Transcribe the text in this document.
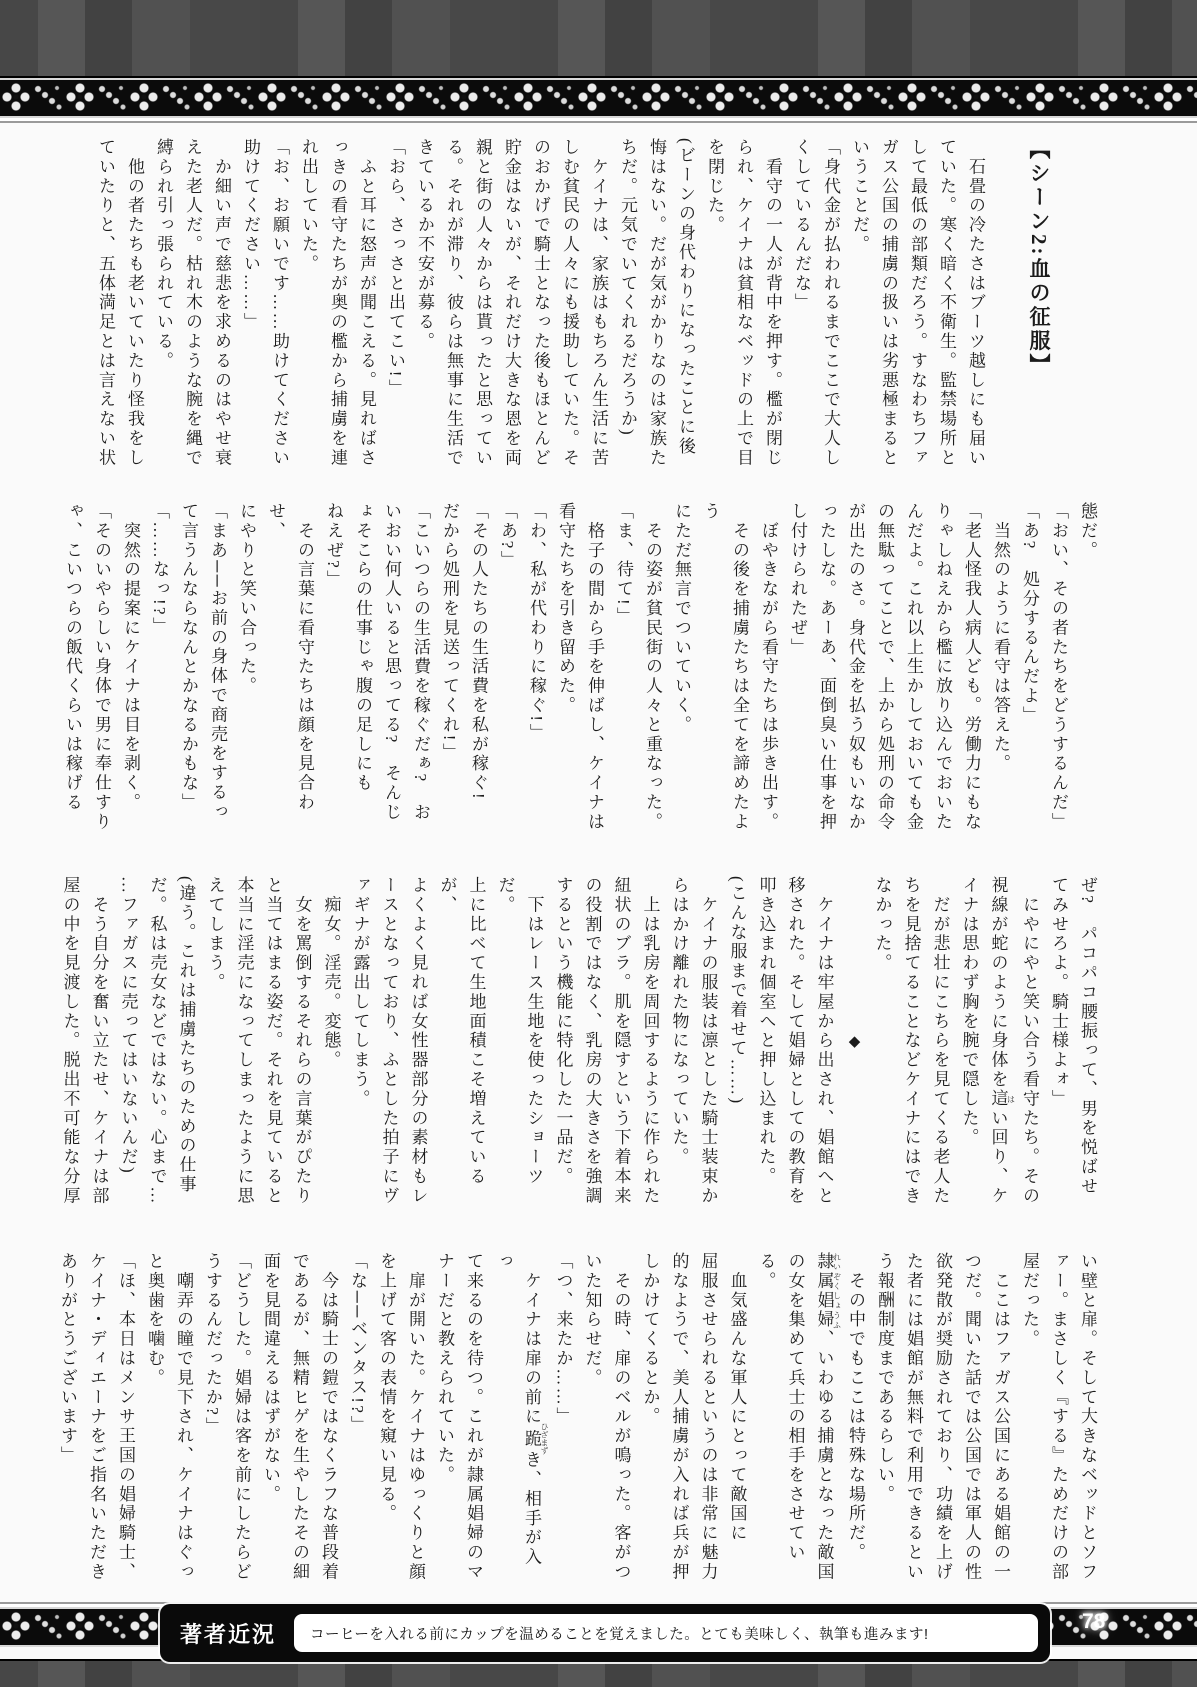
【シーン2:血の征服】
　石畳の冷たさはブーツ越しにも届い
ていた。寒く暗く不衛生。監禁場所と
して最低の部類だろう。すなわちファ
ガス公国の捕虜の扱いは劣悪極まると
いうことだ。
「身代金が払われるまでここで大人し
くしているんだな」
　看守の一人が背中を押す。檻が閉じ
られ、ケイナは貧相なベッドの上で目
を閉じた。
(ビーンの身代わりになったことに後
悔はない。だが気がかりなのは家族た
ちだ。元気でいてくれるだろうか)
　ケイナは、家族はもちろん生活に苦
しむ貧民の人々にも援助していた。そ
のおかげで騎士となった後もほとんど
貯金はないが、それだけ大きな恩を両
親と街の人々からは貰ったと思ってい
る。それが滞り、彼らは無事に生活で
きているか不安が募る。
「おら、さっさと出てこい!」
　ふと耳に怒声が聞こえる。見ればさ
っきの看守たちが奥の檻から捕虜を連
れ出していた。
「お、お願いです……助けてください
助けてください……」
　か細い声で慈悲を求めるのはやせ衰
えた老人だ。枯れ木のような腕を縄で
縛られ引っ張られている。
　他の者たちも老いていたり怪我をし
ていたりと、五体満足とは言えない状
態だ。
「おい、その者たちをどうするんだ」
「あ?　処分するんだよ」
　当然のように看守は答えた。
「老人怪我人病人ども。労働力にもな
りゃしねえから檻に放り込んでおいた
んだよ。これ以上生かしておいても金
の無駄ってことで、上から処刑の命令
が出たのさ。身代金を払う奴もいなか
ったしな。あーあ、面倒臭い仕事を押
し付けられたぜ」
　ぼやきながら看守たちは歩き出す。
　その後を捕虜たちは全てを諦めたよう
にただ無言でついていく。
　その姿が貧民街の人々と重なった。
「ま、待て!」
　格子の間から手を伸ばし、ケイナは
看守たちを引き留めた。
「わ、私が代わりに稼ぐ!」
「あ?」
「その人たちの生活費を私が稼ぐ!
だから処刑を見送ってくれ!」
「こいつらの生活費を稼ぐだぁ?　お
いおい何人いると思ってる?　そんじ
ょそこらの仕事じゃ腹の足しにも
ねえぜ?」
　その言葉に看守たちは顔を見合わせ、
にやりと笑い合った。
「まあ──お前の身体で商売をするっ
て言うんならなんとかなるかもな」
「……なっ!?」
　突然の提案にケイナは目を剥く。
「そのいやらしい身体で男に奉仕すり
ゃ、こいつらの飯代くらいは稼げる
ぜ?　パコパコ腰振って、男を悦ばせ
てみせろよ。騎士様よォ」
　にやにやと笑い合う看守たち。その
視線が蛇のように身体を這 はい回り、ケ
イナは思わず胸を腕で隠した。
　だが悲壮にこちらを見てくる老人た
ちを見捨てることなどケイナにはでき
なかった。
◆
　ケイナは牢屋から出され、娼館へと
移された。そして娼婦としての教育を
叩き込まれ個室へと押し込まれた。
(こんな服まで着せて……)
　ケイナの服装は凛とした騎士装束か
らはかけ離れた物になっていた。
　上は乳房を周回するように作られた
紐状のブラ。肌を隠すという下着本来
の役割ではなく、乳房の大きさを強調
するという機能に特化した一品だ。
　下はレース生地を使ったショーツだ。
上に比べて生地面積こそ増えているが、
よくよく見れば女性器部分の素材もレ
ースとなっており、ふとした拍子にヴ
ァギナが露出してしまう。
　痴女。淫売。変態。
　女を罵倒するそれらの言葉がぴたり
と当てはまる姿だ。それを見ていると
本当に淫売になってしまったように思
えてしまう。
(違う。これは捕虜たちのための仕事
だ。私は売女などではない。心まで…
…ファガスに売ってはいないんだ)
　そう自分を奮い立たせ、ケイナは部
屋の中を見渡した。脱出不可能な分厚
い壁と扉。そして大きなベッドとソフ
ァー。まさしく『する』ためだけの部
屋だった。
　ここはファガス公国にある娼館の一
つだ。聞いた話では公国では軍人の性
欲発散が奨励されており、功績を上げ
た者には娼館が無料で利用できるとい
う報酬制度まであるらしい。
　その中でもここは特殊な場所だ。
隷属娼婦 れいぞくしょうふ、いわゆる捕虜となった敵国
の女を集めて兵士の相手をさせている。
　血気盛んな軍人にとって敵国に
屈服させられるというのは非常に魅力
的なようで、美人捕虜が入れば兵が押
しかけてくるとか。
　その時、扉のベルが鳴った。客がつ
いた知らせだ。
「つ、来たか……」
　ケイナは扉の前に跪 ひざまずき、相手が入っ
て来るのを待つ。これが隷属娼婦のマ
ナーだと教えられていた。
　扉が開いた。ケイナはゆっくりと顔
を上げて客の表情を窺い見る。
「な──ベンタス!?」
　今は騎士の鎧ではなくラフな普段着
であるが、無精ヒゲを生やしたその細
面を見間違えるはずがない。
「どうした。娼婦は客を前にしたらど
うするんだったか?」
　嘲弄の瞳で見下され、ケイナはぐっ
と奥歯を噛む。
「ほ、本日はメンサ王国の娼婦騎士、
ケイナ・ディエーナをご指名いただき
ありがとうございます」
著者近況	コーヒーを入れる前にカップを温めることを覚えました。とても美味しく、執筆も進みます!
78
